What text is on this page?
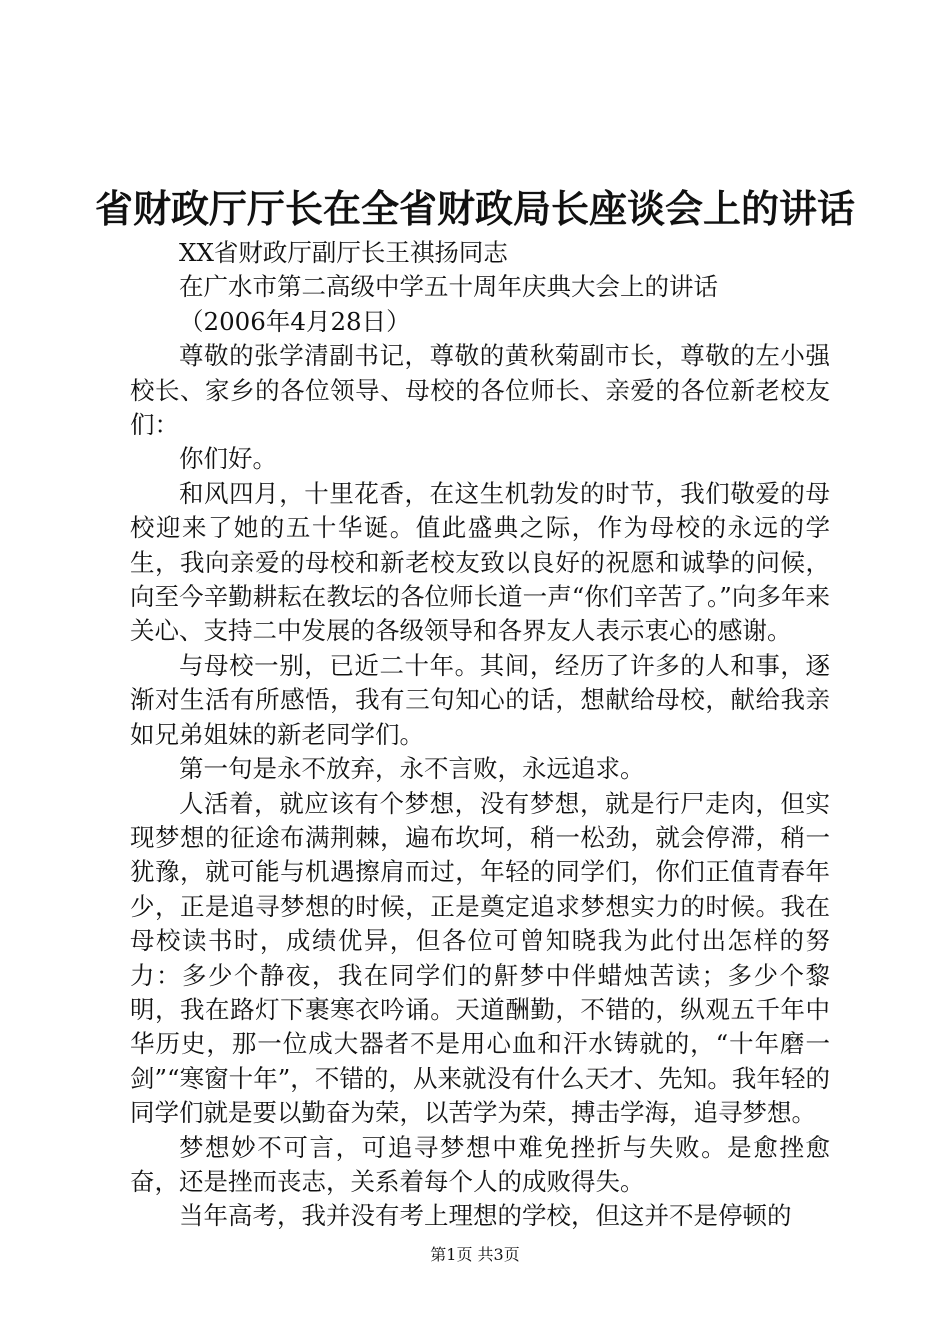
省财政厅厅长在全省财政局长座谈会上的讲话

XX省财政厅副厅长王祺扬同志

在广水市第二高级中学五十周年庆典大会上的讲话

（2006年4月28日）

尊敬的张学清副书记，尊敬的黄秋菊副市长，尊敬的左小强校长、家乡的各位领导、母校的各位师长、亲爱的各位新老校友们：

你们好。

和风四月，十里花香，在这生机勃发的时节，我们敬爱的母校迎来了她的五十华诞。值此盛典之际，作为母校的永远的学生，我向亲爱的母校和新老校友致以良好的祝愿和诚挚的问候，向至今辛勤耕耘在教坛的各位师长道一声“你们辛苦了。”向多年来关心、支持二中发展的各级领导和各界友人表示衷心的感谢。

与母校一别，已近二十年。其间，经历了许多的人和事，逐渐对生活有所感悟，我有三句知心的话，想献给母校，献给我亲如兄弟姐妹的新老同学们。

第一句是永不放弃，永不言败，永远追求。

人活着，就应该有个梦想，没有梦想，就是行尸走肉，但实现梦想的征途布满荆棘，遍布坎坷，稍一松劲，就会停滞，稍一犹豫，就可能与机遇擦肩而过，年轻的同学们，你们正值青春年少，正是追寻梦想的时候，正是奠定追求梦想实力的时候。我在母校读书时，成绩优异，但各位可曾知晓我为此付出怎样的努力：多少个静夜，我在同学们的鼾梦中伴蜡烛苦读；多少个黎明，我在路灯下裹寒衣吟诵。天道酬勤，不错的，纵观五千年中华历史，那一位成大器者不是用心血和汗水铸就的，“十年磨一剑”“寒窗十年”，不错的，从来就没有什么天才、先知。我年轻的同学们就是要以勤奋为荣，以苦学为荣，搏击学海，追寻梦想。

梦想妙不可言，可追寻梦想中难免挫折与失败。是愈挫愈奋，还是挫而丧志，关系着每个人的成败得失。

当年高考，我并没有考上理想的学校，但这并不是停顿的

第1页 共3页
